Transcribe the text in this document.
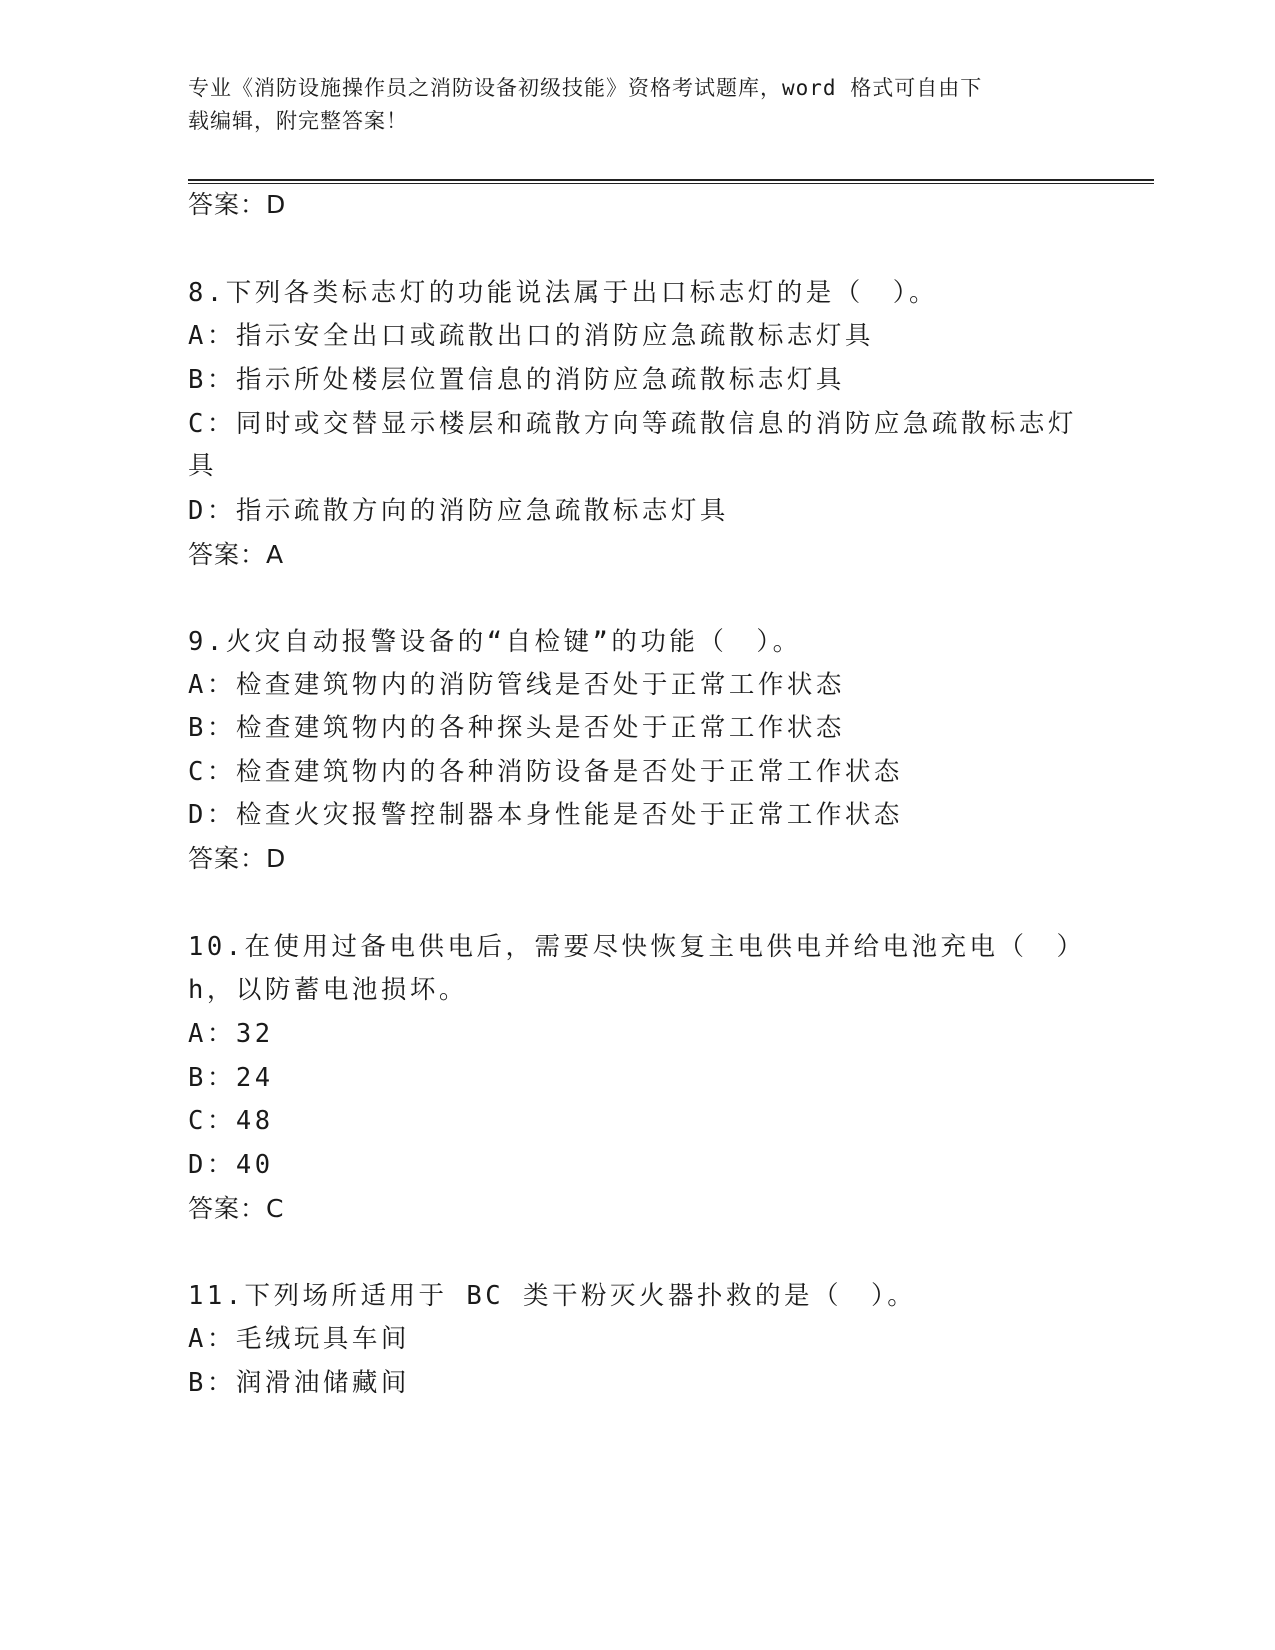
专业《消防设施操作员之消防设备初级技能》资格考试题库，word 格式可自由下
载编辑，附完整答案！
答案：D
8.下列各类标志灯的功能说法属于出口标志灯的是（　）。
A：指示安全出口或疏散出口的消防应急疏散标志灯具
B：指示所处楼层位置信息的消防应急疏散标志灯具
C：同时或交替显示楼层和疏散方向等疏散信息的消防应急疏散标志灯
具
D：指示疏散方向的消防应急疏散标志灯具
答案：A
9.火灾自动报警设备的“自检键”的功能（　）。
A：检查建筑物内的消防管线是否处于正常工作状态
B：检查建筑物内的各种探头是否处于正常工作状态
C：检查建筑物内的各种消防设备是否处于正常工作状态
D：检查火灾报警控制器本身性能是否处于正常工作状态
答案：D
10.在使用过备电供电后，需要尽快恢复主电供电并给电池充电（　）
h，以防蓄电池损坏。
A：32
B：24
C：48
D：40
答案：C
11.下列场所适用于 BC 类干粉灭火器扑救的是（　）。
A：毛绒玩具车间
B：润滑油储藏间
